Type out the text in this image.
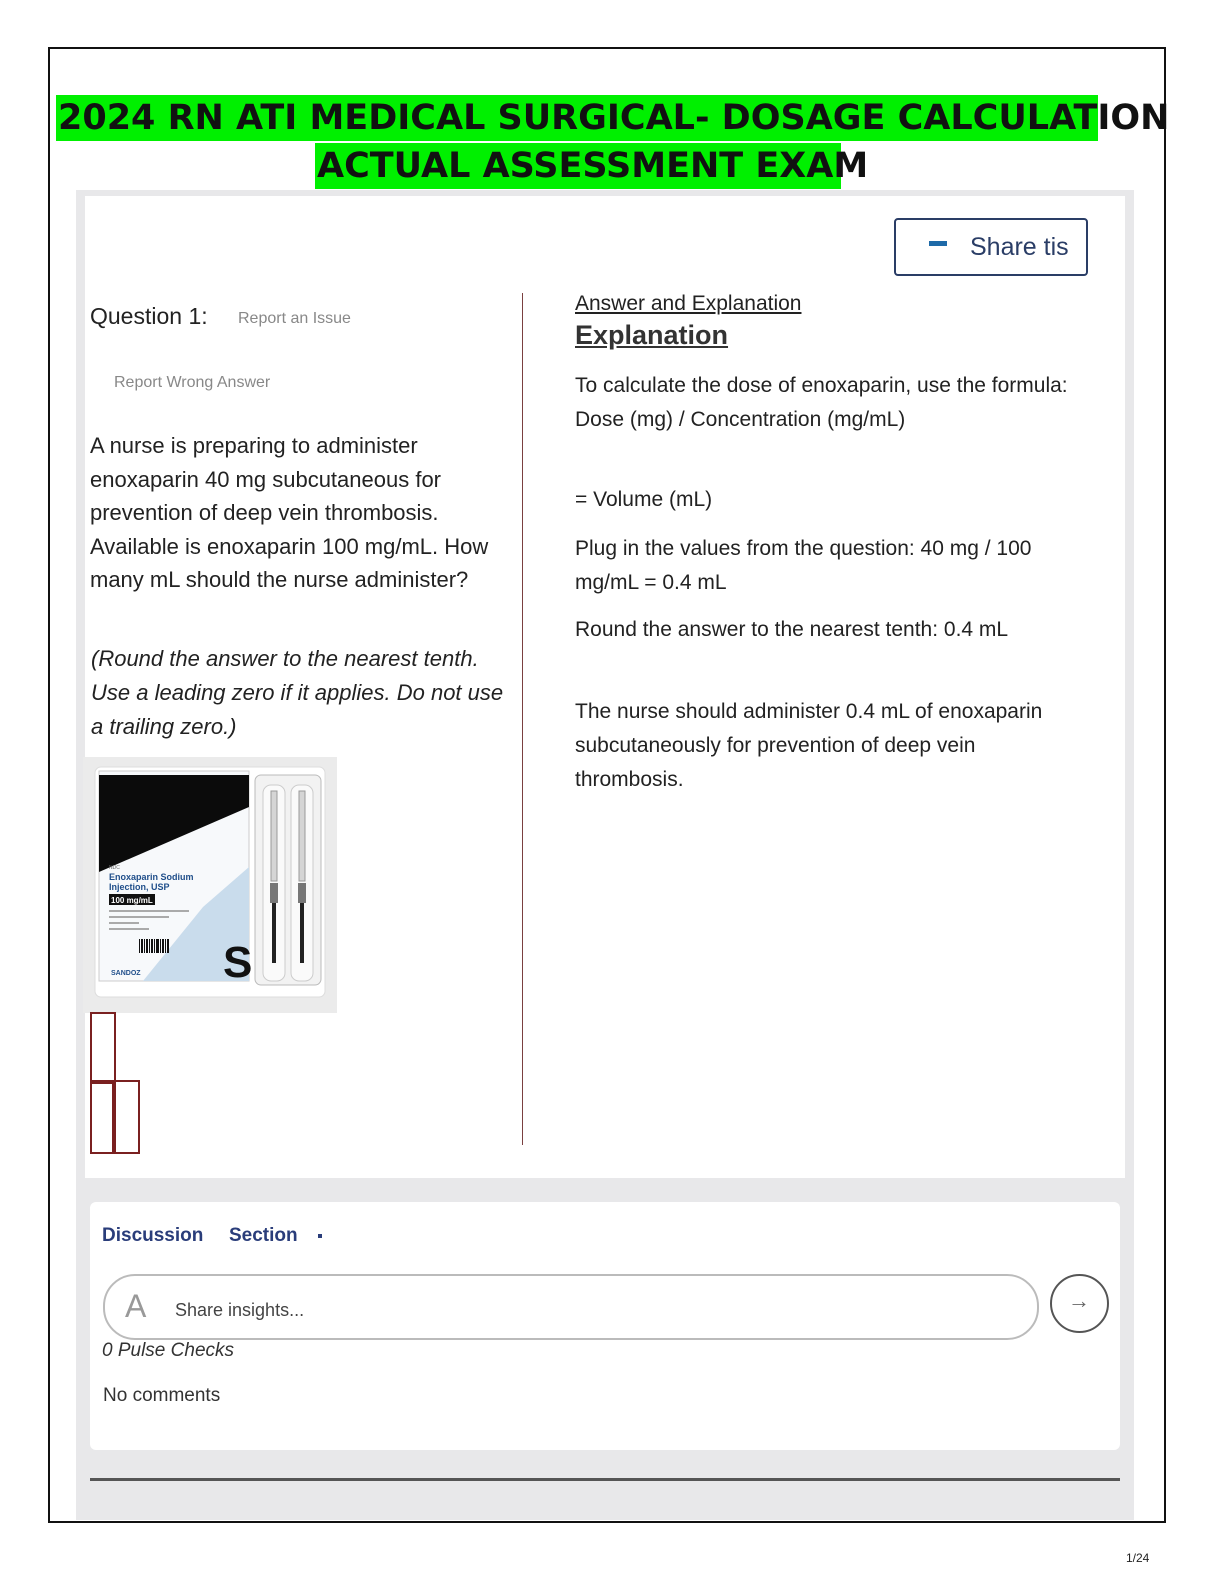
2024 RN ATI MEDICAL SURGICAL- DOSAGE CALCULATION
ACTUAL ASSESSMENT EXAM
Share tis
Question 1: Report an Issue
Report Wrong Answer
A nurse is preparing to administer enoxaparin 40 mg subcutaneous for prevention of deep vein thrombosis. Available is enoxaparin 100 mg/mL. How many mL should the nurse administer?
(Round the answer to the nearest tenth. Use a leading zero if it applies. Do not use a trailing zero.)
NDC
Enoxaparin Sodium
Injection, USP
100 mg/mL
SANDOZ S
Answer and Explanation
Explanation
To calculate the dose of enoxaparin, use the formula: Dose (mg) / Concentration (mg/mL)
= Volume (mL)
Plug in the values from the question: 40 mg / 100 mg/mL = 0.4 mL
Round the answer to the nearest tenth: 0.4 mL
The nurse should administer 0.4 mL of enoxaparin subcutaneously for prevention of deep vein thrombosis.
Discussion Section
A Share insights...	→
0 Pulse Checks
No comments
1/24
